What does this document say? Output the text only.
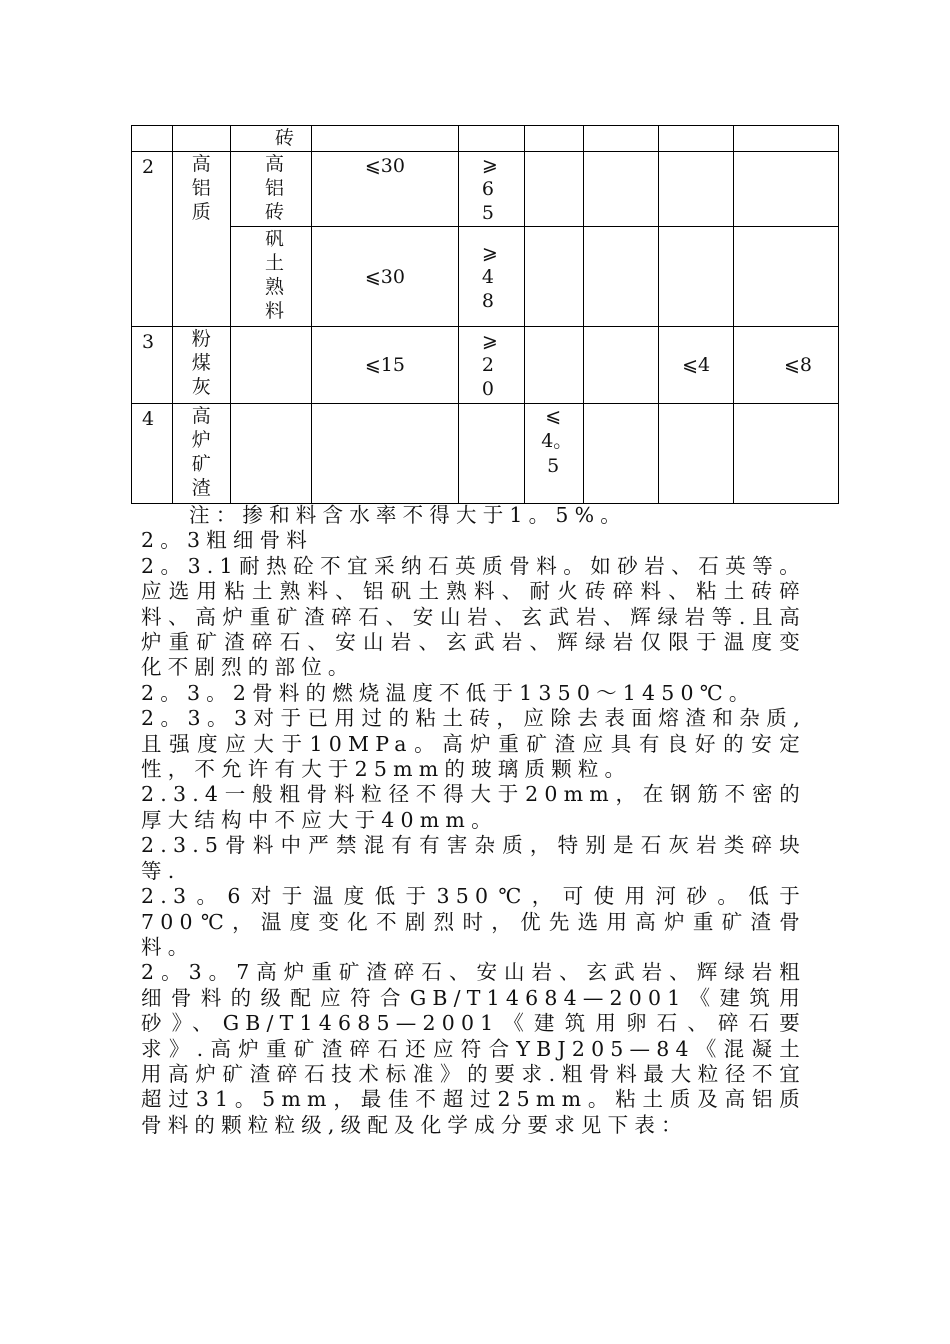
		砖						

2	高铝质	高铝砖	⩽30	⩾65				

		矾土熟料	⩽30	⩾48				

3	粉煤灰		⩽15	⩾20			⩽4	⩽8
4	高炉矿渣				⩽4。5			

注：掺和料含水率不得大于1。5%。

2。3粗细骨料

2。3.1耐热砼不宜采纳石英质骨料。如砂岩、石英等。应选用粘土熟料、铝矾土熟料、耐火砖碎料、粘土砖碎料、高炉重矿渣碎石、安山岩、玄武岩、辉绿岩等.且高炉重矿渣碎石、安山岩、玄武岩、辉绿岩仅限于温度变化不剧烈的部位。

2。3。2骨料的燃烧温度不低于1350～1450℃。

2。3。3对于已用过的粘土砖，应除去表面熔渣和杂质,且强度应大于10MPa。高炉重矿渣应具有良好的安定性，不允许有大于25mm的玻璃质颗粒。

2.3.4一般粗骨料粒径不得大于20mm，在钢筋不密的厚大结构中不应大于40mm。

2.3.5骨料中严禁混有有害杂质，特别是石灰岩类碎块等.

2.3。6对于温度低于350℃，可使用河砂。低于700℃，温度变化不剧烈时，优先选用高炉重矿渣骨料。

2。3。7高炉重矿渣碎石、安山岩、玄武岩、辉绿岩粗细骨料的级配应符合GB/T14684—2001《建筑用砂》、GB/T14685—2001《建筑用卵石、碎石要求》.高炉重矿渣碎石还应符合YBJ205—84《混凝土用高炉矿渣碎石技术标准》的要求.粗骨料最大粒径不宜超过31。5mm，最佳不超过25mm。粘土质及高铝质骨料的颗粒粒级,级配及化学成分要求见下表：
